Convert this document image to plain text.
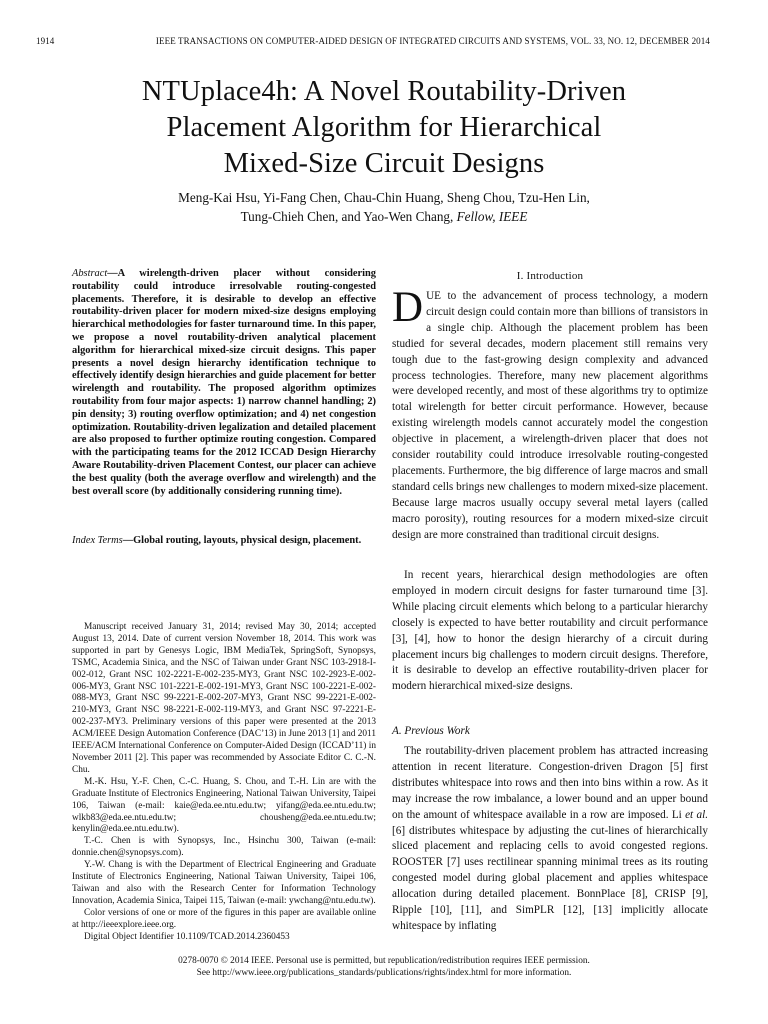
1914	IEEE TRANSACTIONS ON COMPUTER-AIDED DESIGN OF INTEGRATED CIRCUITS AND SYSTEMS, VOL. 33, NO. 12, DECEMBER 2014
NTUplace4h: A Novel Routability-Driven
Placement Algorithm for Hierarchical
Mixed-Size Circuit Designs
Meng-Kai Hsu, Yi-Fang Chen, Chau-Chin Huang, Sheng Chou, Tzu-Hen Lin,
Tung-Chieh Chen, and Yao-Wen Chang, Fellow, IEEE
Abstract—A wirelength-driven placer without considering routability could introduce irresolvable routing-congested placements. Therefore, it is desirable to develop an effective routability-driven placer for modern mixed-size designs employing hierarchical methodologies for faster turnaround time. In this paper, we propose a novel routability-driven analytical placement algorithm for hierarchical mixed-size circuit designs. This paper presents a novel design hierarchy identification technique to effectively identify design hierarchies and guide placement for better wirelength and routability. The proposed algorithm optimizes routability from four major aspects: 1) narrow channel handling; 2) pin density; 3) routing overflow optimization; and 4) net congestion optimization. Routability-driven legalization and detailed placement are also proposed to further optimize routing congestion. Compared with the participating teams for the 2012 ICCAD Design Hierarchy Aware Routability-driven Placement Contest, our placer can achieve the best quality (both the average overflow and wirelength) and the best overall score (by additionally considering running time).
Index Terms—Global routing, layouts, physical design, placement.

Manuscript received January 31, 2014; revised May 30, 2014; accepted August 13, 2014. Date of current version November 18, 2014. This work was supported in part by Genesys Logic, IBM MediaTek, SpringSoft, Synopsys, TSMC, Academia Sinica, and the NSC of Taiwan under Grant NSC 103-2918-I-002-012, Grant NSC 102-2221-E-002-235-MY3, Grant NSC 102-2923-E-002-006-MY3, Grant NSC 101-2221-E-002-191-MY3, Grant NSC 100-2221-E-002-088-MY3, Grant NSC 99-2221-E-002-207-MY3, Grant NSC 99-2221-E-002-210-MY3, Grant NSC 98-2221-E-002-119-MY3, and Grant NSC 97-2221-E-002-237-MY3. Preliminary versions of this paper were presented at the 2013 ACM/IEEE Design Automation Conference (DAC’13) in June 2013 [1] and 2011 IEEE/ACM International Conference on Computer-Aided Design (ICCAD’11) in November 2011 [2]. This paper was recommended by Associate Editor C. C.-N. Chu.

M.-K. Hsu, Y.-F. Chen, C.-C. Huang, S. Chou, and T.-H. Lin are with the Graduate Institute of Electronics Engineering, National Taiwan University, Taipei 106, Taiwan (e-mail: kaie@eda.ee.ntu.edu.tw; yifang@eda.ee.ntu.edu.tw; wlkb83@eda.ee.ntu.edu.tw; chousheng@eda.ee.ntu.edu.tw; kenylin@eda.ee.ntu.edu.tw).

T.-C. Chen is with Synopsys, Inc., Hsinchu 300, Taiwan (e-mail: donnie.chen@synopsys.com).

Y.-W. Chang is with the Department of Electrical Engineering and Graduate Institute of Electronics Engineering, National Taiwan University, Taipei 106, Taiwan and also with the Research Center for Information Technology Innovation, Academia Sinica, Taipei 115, Taiwan (e-mail: ywchang@ntu.edu.tw).

Color versions of one or more of the figures in this paper are available online at http://ieeexplore.ieee.org.

Digital Object Identifier 10.1109/TCAD.2014.2360453

I. Introduction
DUE to the advancement of process technology, a modern circuit design could contain more than billions of transistors in a single chip. Although the placement problem has been studied for several decades, modern placement still remains very tough due to the fast-growing design complexity and advanced process technologies. Therefore, many new placement algorithms were developed recently, and most of these algorithms try to optimize total wirelength for better circuit performance. However, because existing wirelength models cannot accurately model the congestion objective in placement, a wirelength-driven placer that does not consider routability could introduce irresolvable routing-congested placements. Furthermore, the big difference of large macros and small standard cells brings new challenges to modern mixed-size placement. Because large macros usually occupy several metal layers (called macro porosity), routing resources for a modern mixed-size circuit design are more constrained than traditional circuit designs.
In recent years, hierarchical design methodologies are often employed in modern circuit designs for faster turnaround time [3]. While placing circuit elements which belong to a particular hierarchy closely is expected to have better routability and circuit performance [3], [4], how to honor the design hierarchy of a circuit during placement incurs big challenges to modern circuit designs. Therefore, it is desirable to develop an effective routability-driven placer for modern hierarchical mixed-size designs.
A. Previous Work
The routability-driven placement problem has attracted increasing attention in recent literature. Congestion-driven Dragon [5] first distributes whitespace into rows and then into bins within a row. As it may increase the row imbalance, a lower bound and an upper bound on the amount of whitespace available in a row are imposed. Li et al. [6] distributes whitespace by adjusting the cut-lines of hierarchically sliced placement and replacing cells to avoid congested regions. ROOSTER [7] uses rectilinear spanning minimal trees as its routing congested model during global placement and applies whitespace allocation during detailed placement. BonnPlace [8], CRISP [9], Ripple [10], [11], and SimPLR [12], [13] implicitly allocate whitespace by inflating
0278-0070 © 2014 IEEE. Personal use is permitted, but republication/redistribution requires IEEE permission.
See http://www.ieee.org/publications_standards/publications/rights/index.html for more information.
